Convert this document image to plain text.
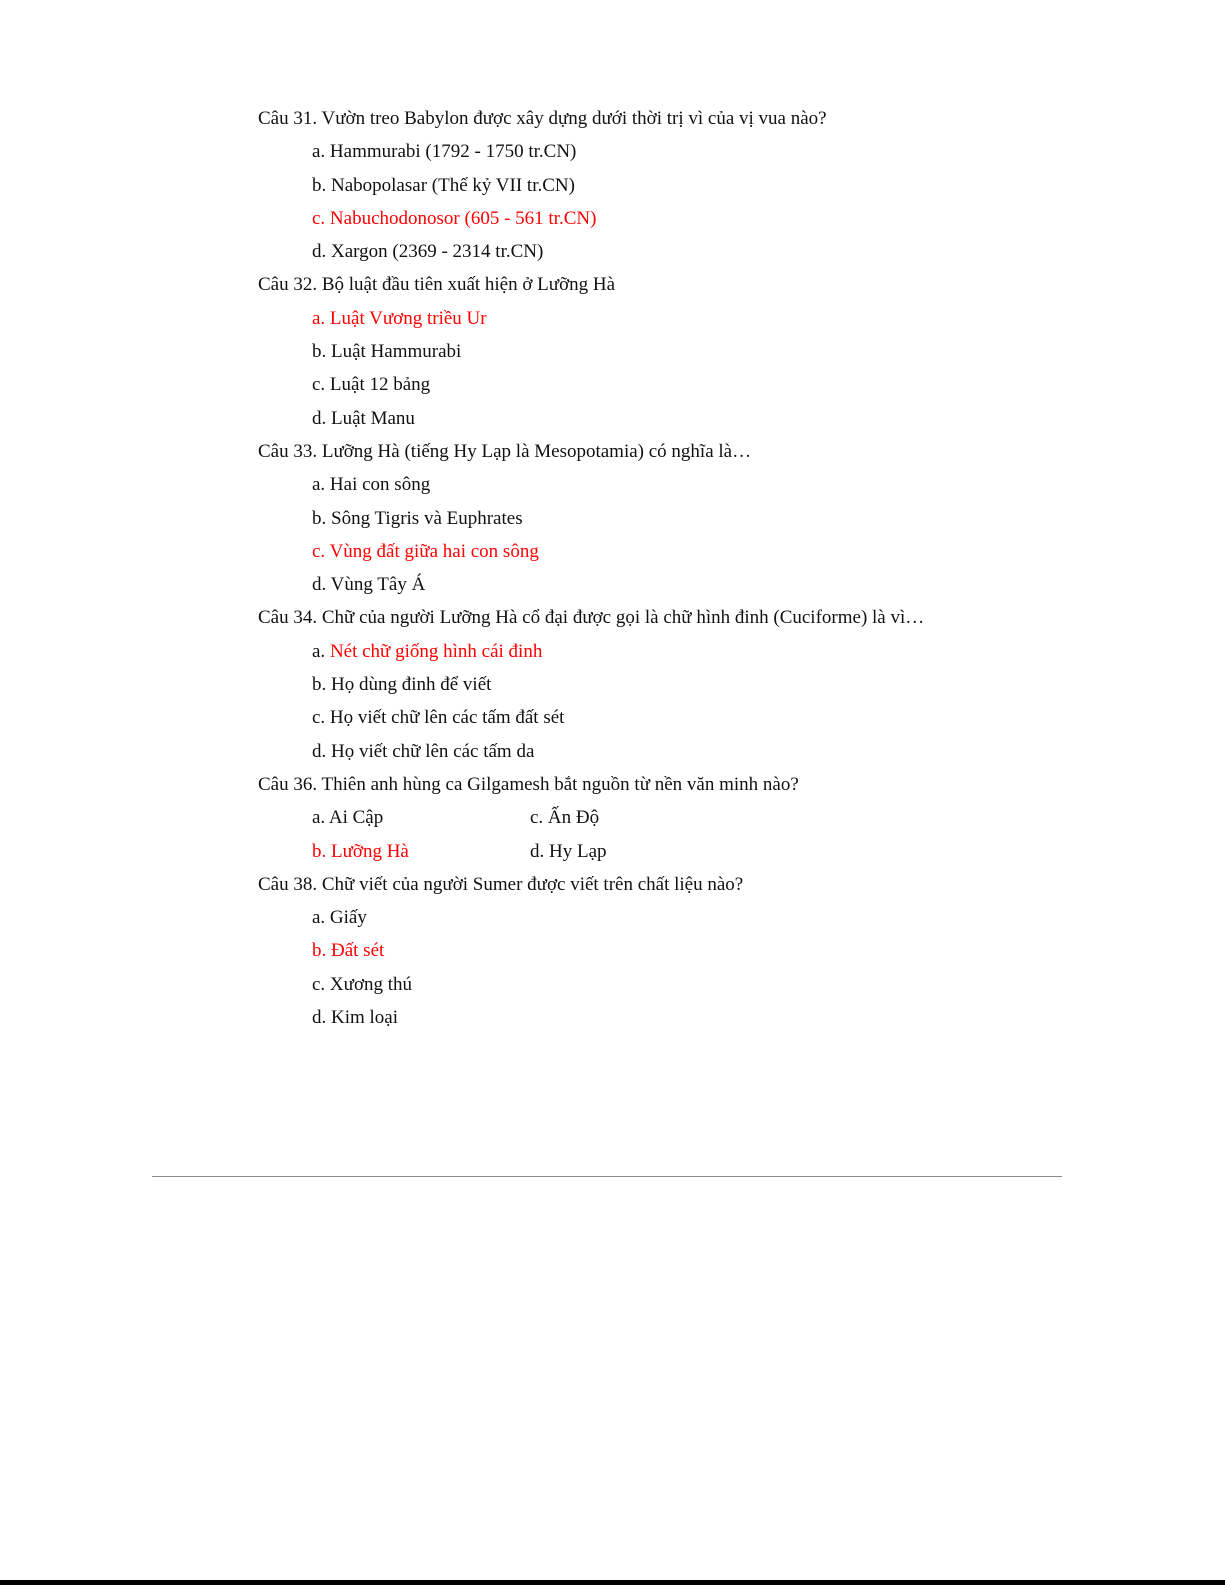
Câu 31. Vườn treo Babylon được xây dựng dưới thời trị vì của vị vua nào?
a. Hammurabi (1792 - 1750 tr.CN)
b. Nabopolasar (Thế kỷ VII tr.CN)
c. Nabuchodonosor (605 - 561 tr.CN)
d. Xargon (2369 - 2314 tr.CN)
Câu 32. Bộ luật đầu tiên xuất hiện ở Lưỡng Hà
a. Luật Vương triều Ur
b. Luật Hammurabi
c. Luật 12 bảng
d. Luật Manu
Câu 33. Lưỡng Hà (tiếng Hy Lạp là Mesopotamia) có nghĩa là…
a. Hai con sông
b. Sông Tigris và Euphrates
c. Vùng đất giữa hai con sông
d. Vùng Tây Á
Câu 34. Chữ của người Lưỡng Hà cổ đại được gọi là chữ hình đinh (Cuciforme) là vì…
a. Nét chữ giống hình cái đinh
b. Họ dùng đinh để viết
c. Họ viết chữ lên các tấm đất sét
d. Họ viết chữ lên các tấm da
Câu 36. Thiên anh hùng ca Gilgamesh bắt nguồn từ nền văn minh nào?
a. Ai Cập	c. Ấn Độ
b. Lưỡng Hà	d. Hy Lạp
Câu 38. Chữ viết của người Sumer được viết trên chất liệu nào?
a. Giấy
b. Đất sét
c. Xương thú
d. Kim loại
